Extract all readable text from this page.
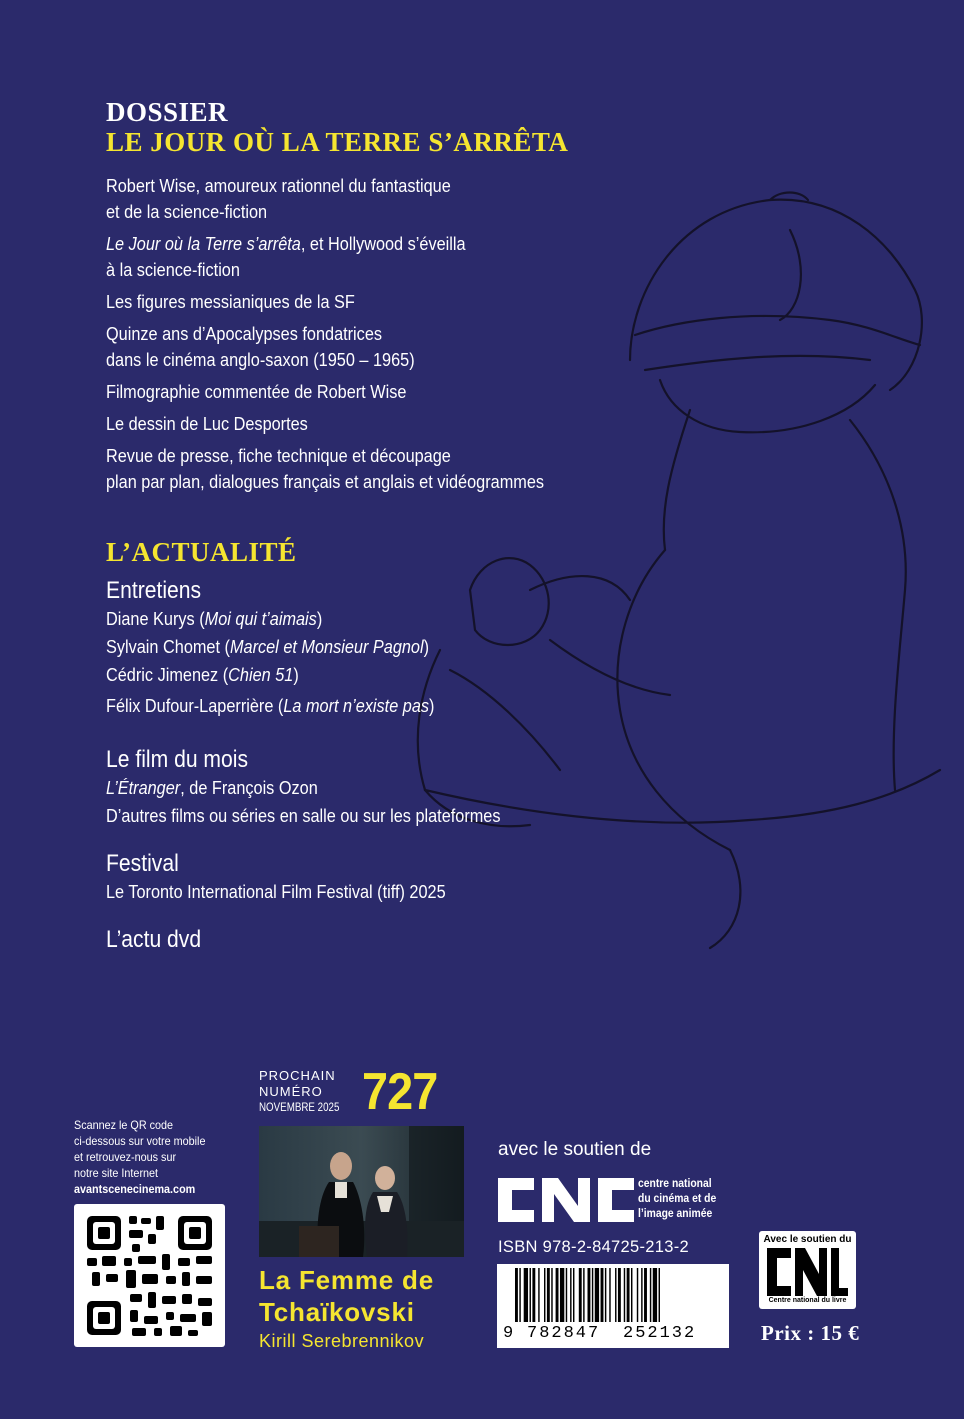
DOSSIER
LE JOUR OÙ LA TERRE S’ARRÊTA
Robert Wise, amoureux rationnel du fantastique
et de la science-fiction
Le Jour où la Terre s’arrêta, et Hollywood s’éveilla
à la science-fiction
Les figures messianiques de la SF
Quinze ans d’Apocalypses fondatrices
dans le cinéma anglo-saxon (1950 – 1965)
Filmographie commentée de Robert Wise
Le dessin de Luc Desportes
Revue de presse, fiche technique et découpage
plan par plan, dialogues français et anglais et vidéogrammes
L’ACTUALITÉ
Entretiens
Diane Kurys (Moi qui t’aimais)
Sylvain Chomet (Marcel et Monsieur Pagnol)
Cédric Jimenez (Chien 51)
Félix Dufour-Laperrière (La mort n’existe pas)
Le film du mois
L’Étranger, de François Ozon
D’autres films ou séries en salle ou sur les plateformes
Festival
Le Toronto International Film Festival (tiff) 2025
L’actu dvd
Scannez le QR code
ci-dessous sur votre mobile
et retrouvez-nous sur
notre site Internet
avantscenecinema.com
PROCHAIN
NUMÉRO
NOVEMBRE 2025 727
La Femme de
Tchaïkovski
Kirill Serebrennikov
avec le soutien de
centre national
du cinéma et de
l’image animée
ISBN 978-2-84725-213-2
9 782847 252132
Avec le soutien du
Centre national du livre
Prix : 15 €
